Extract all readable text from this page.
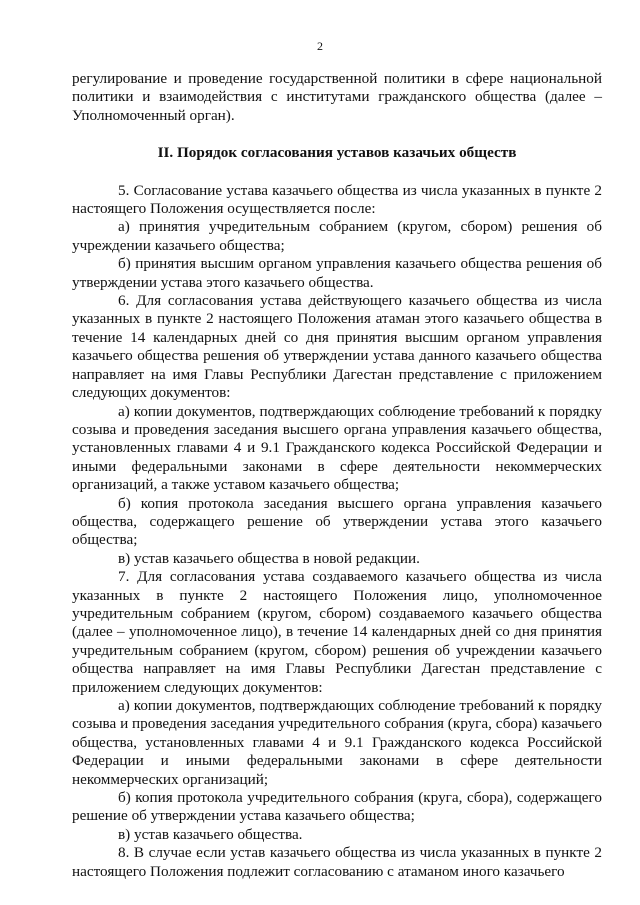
2

регулирование и проведение государственной политики в сфере национальной политики и взаимодействия с институтами гражданского общества (далее – Уполномоченный орган).

II. Порядок согласования уставов казачьих обществ

5. Согласование устава казачьего общества из числа указанных в пункте 2 настоящего Положения осуществляется после:

а) принятия учредительным собранием (кругом, сбором) решения об учреждении казачьего общества;

б) принятия высшим органом управления казачьего общества решения об утверждении устава этого казачьего общества.

6. Для согласования устава действующего казачьего общества из числа указанных в пункте 2 настоящего Положения атаман этого казачьего общества в течение 14 календарных дней со дня принятия высшим органом управления казачьего общества решения об утверждении устава данного казачьего общества направляет на имя Главы Республики Дагестан представление с приложением следующих документов:

а) копии документов, подтверждающих соблюдение требований к порядку созыва и проведения заседания высшего органа управления казачьего общества, установленных главами 4 и 9.1 Гражданского кодекса Российской Федерации и иными федеральными законами в сфере деятельности некоммерческих организаций, а также уставом казачьего общества;

б) копия протокола заседания высшего органа управления казачьего общества, содержащего решение об утверждении устава этого казачьего общества;

в) устав казачьего общества в новой редакции.

7. Для согласования устава создаваемого казачьего общества из числа указанных в пункте 2 настоящего Положения лицо, уполномоченное учредительным собранием (кругом, сбором) создаваемого казачьего общества (далее – уполномоченное лицо), в течение 14 календарных дней со дня принятия учредительным собранием (кругом, сбором) решения об учреждении казачьего общества направляет на имя Главы Республики Дагестан представление с приложением следующих документов:

а) копии документов, подтверждающих соблюдение требований к порядку созыва и проведения заседания учредительного собрания (круга, сбора) казачьего общества, установленных главами 4 и 9.1 Гражданского кодекса Российской Федерации и иными федеральными законами в сфере деятельности некоммерческих организаций;

б) копия протокола учредительного собрания (круга, сбора), содержащего решение об утверждении устава казачьего общества;

в) устав казачьего общества.

8. В случае если устав казачьего общества из числа указанных в пункте 2 настоящего Положения подлежит согласованию с атаманом иного казачьего
